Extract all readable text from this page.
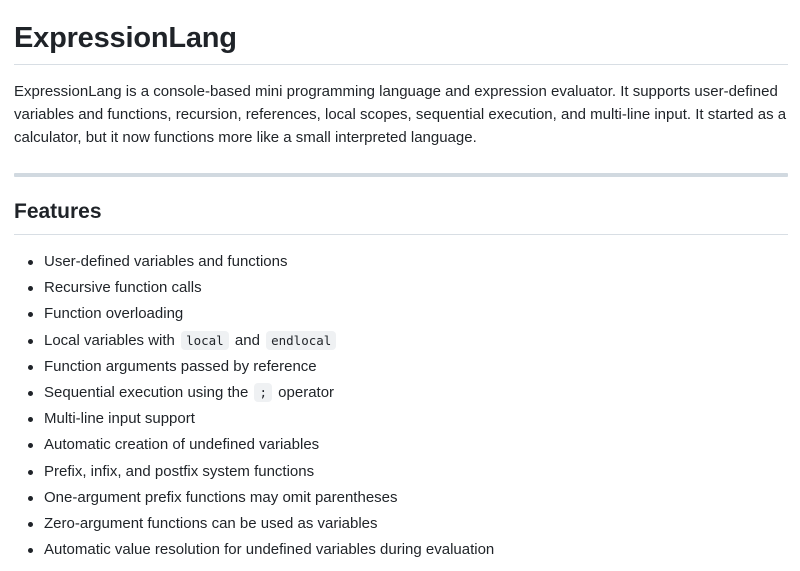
ExpressionLang

ExpressionLang is a console-based mini programming language and expression evaluator. It supports user-defined variables and functions, recursion, references, local scopes, sequential execution, and multi-line input. It started as a calculator, but it now functions more like a small interpreted language.

Features
User-defined variables and functions
Recursive function calls
Function overloading
Local variables with local and endlocal
Function arguments passed by reference
Sequential execution using the ; operator
Multi-line input support
Automatic creation of undefined variables
Prefix, infix, and postfix system functions
One-argument prefix functions may omit parentheses
Zero-argument functions can be used as variables
Automatic value resolution for undefined variables during evaluation
